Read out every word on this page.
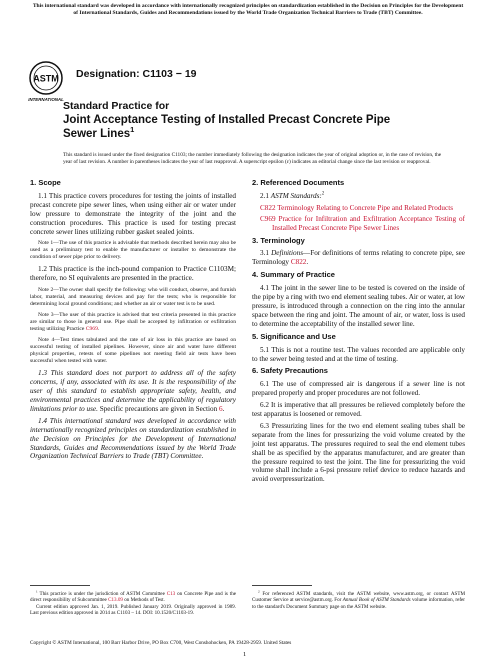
This international standard was developed in accordance with internationally recognized principles on standardization established in the Decision on Principles for the Development of International Standards, Guides and Recommendations issued by the World Trade Organization Technical Barriers to Trade (TBT) Committee.
ASTM
INTERNATIONAL
Designation: C1103 − 19
Standard Practice for
Joint Acceptance Testing of Installed Precast Concrete Pipe
Sewer Lines$^1$
This standard is issued under the fixed designation C1103; the number immediately following the designation indicates the year of original adoption or, in the case of revision, the year of last revision. A number in parentheses indicates the year of last reapproval. A superscript epsilon (ε) indicates an editorial change since the last revision or reapproval.
1. Scope

1.1 This practice covers procedures for testing the joints of installed precast concrete pipe sewer lines, when using either air or water under low pressure to demonstrate the integrity of the joint and the construction procedures. This practice is used for testing precast concrete sewer lines utilizing rubber gasket sealed joints.

Note 1—The use of this practice is advisable that methods described herein may also be used as a preliminary test to enable the manufacturer or installer to demonstrate the condition of sewer pipe prior to delivery.

1.2 This practice is the inch-pound companion to Practice C1103M; therefore, no SI equivalents are presented in the practice.

Note 2—The owner shall specify the following: who will conduct, observe, and furnish labor, material, and measuring devices and pay for the tests; who is responsible for determining local ground conditions; and whether an air or water test is to be used.
Note 3—The user of this practice is advised that test criteria presented in this practice are similar to those in general use. Pipe shall be accepted by infiltration or exfiltration testing utilizing Practice C969.
Note 4—Test times tabulated and the rate of air loss in this practice are based on successful testing of installed pipelines. However, since air and water have different physical properties, retests of some pipelines not meeting field air tests have been successful when tested with water.

1.3 This standard does not purport to address all of the safety concerns, if any, associated with its use. It is the responsibility of the user of this standard to establish appropriate safety, health, and environmental practices and determine the applicability of regulatory limitations prior to use. Specific precautions are given in Section 6.

1.4 This international standard was developed in accordance with internationally recognized principles on standardization established in the Decision on Principles for the Development of International Standards, Guides and Recommendations issued by the World Trade Organization Technical Barriers to Trade (TBT) Committee.

2. Referenced Documents

2.1 ASTM Standards:$^2$

C822 Terminology Relating to Concrete Pipe and Related Products
C969 Practice for Infiltration and Exfiltration Acceptance Testing of Installed Precast Concrete Pipe Sewer Lines
3. Terminology

3.1 Definitions—For definitions of terms relating to concrete pipe, see Terminology C822.

4. Summary of Practice

4.1 The joint in the sewer line to be tested is covered on the inside of the pipe by a ring with two end element sealing tubes. Air or water, at low pressure, is introduced through a connection on the ring into the annular space between the ring and joint. The amount of air, or water, loss is used to determine the acceptability of the installed sewer line.

5. Significance and Use

5.1 This is not a routine test. The values recorded are applicable only to the sewer being tested and at the time of testing.

6. Safety Precautions

6.1 The use of compressed air is dangerous if a sewer line is not prepared properly and proper procedures are not followed.

6.2 It is imperative that all pressures be relieved completely before the test apparatus is loosened or removed.

6.3 Pressurizing lines for the two end element sealing tubes shall be separate from the lines for pressurizing the void volume created by the joint test apparatus. The pressures required to seal the end element tubes shall be as specified by the apparatus manufacturer, and are greater than the pressure required to test the joint. The line for pressurizing the void volume shall include a 6-psi pressure relief device to reduce hazards and avoid overpressurization.

$^1$ This practice is under the jurisdiction of ASTM Committee C13 on Concrete Pipe and is the direct responsibility of Subcommittee C13.09 on Methods of Test.
Current edition approved Jan. 1, 2019. Published January 2019. Originally approved in 1989. Last previous edition approved in 2014 as C1103 – 14. DOI: 10.1520/C1103-19.
$^2$ For referenced ASTM standards, visit the ASTM website, www.astm.org, or contact ASTM Customer Service at service@astm.org. For Annual Book of ASTM Standards volume information, refer to the standard's Document Summary page on the ASTM website.
Copyright © ASTM International, 100 Barr Harbor Drive, PO Box C700, West Conshohocken, PA 19428-2959. United States
1
